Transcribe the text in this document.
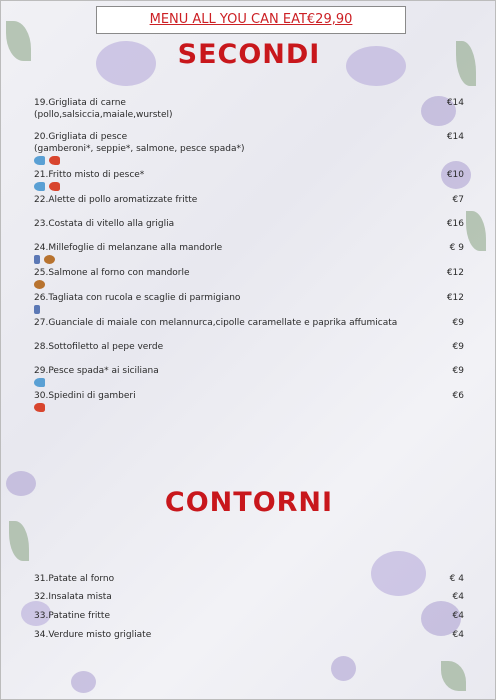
MENU ALL YOU CAN EAT€29,90
SECONDI
19.Grigliata di carne
(pollo,salsiccia,maiale,wurstel)
€14
20.Grigliata di pesce
(gamberoni*, seppie*, salmone, pesce spada*)
€14
21.Fritto misto di pesce*	€10
22.Alette di pollo aromatizzate fritte	€7
23.Costata di vitello alla griglia	€16
24.Millefoglie di melanzane alla mandorle	€ 9
25.Salmone al forno con mandorle	€12
26.Tagliata con rucola e scaglie di parmigiano	€12
27.Guanciale di maiale con melannurca,cipolle caramellate e paprika affumicata	€9
28.Sottofiletto al pepe verde	€9
29.Pesce spada* ai siciliana	€9
30.Spiedini di gamberi	€6
CONTORNI
31.Patate al forno	€ 4
32.Insalata mista	€4
33.Patatine fritte	€4
34.Verdure misto grigliate	€4
